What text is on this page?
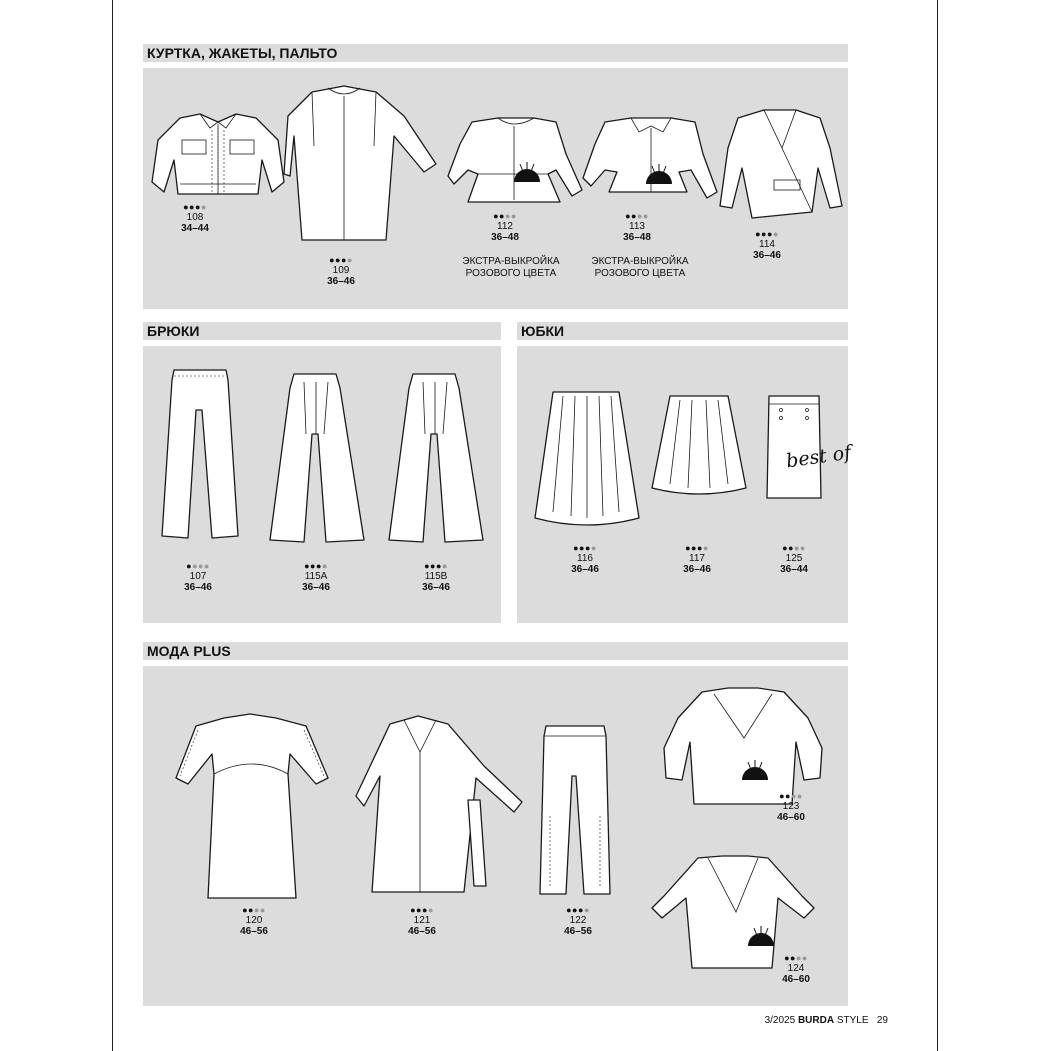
КУРТКА, ЖАКЕТЫ, ПАЛЬТО
●●●●
108
34–44
●●●●
109
36–46
●●●●
112
36–48
ЭКСТРА-ВЫКРОЙКА
РОЗОВОГО ЦВЕТА
●●●●
113
36–48
ЭКСТРА-ВЫКРОЙКА
РОЗОВОГО ЦВЕТА
●●●●
114
36–46
БРЮКИ
●●●●
107
36–46
●●●●
115A
36–46
●●●●
115B
36–46
ЮБКИ
●●●●
116
36–46
●●●●
117
36–46
best of
●●●●
125
36–44
МОДА PLUS
●●●●
120
46–56
●●●●
121
46–56
●●●●
122
46–56
●●●●
123
46–60
●●●●
124
46–60
3/2025 BURDA STYLE 29
